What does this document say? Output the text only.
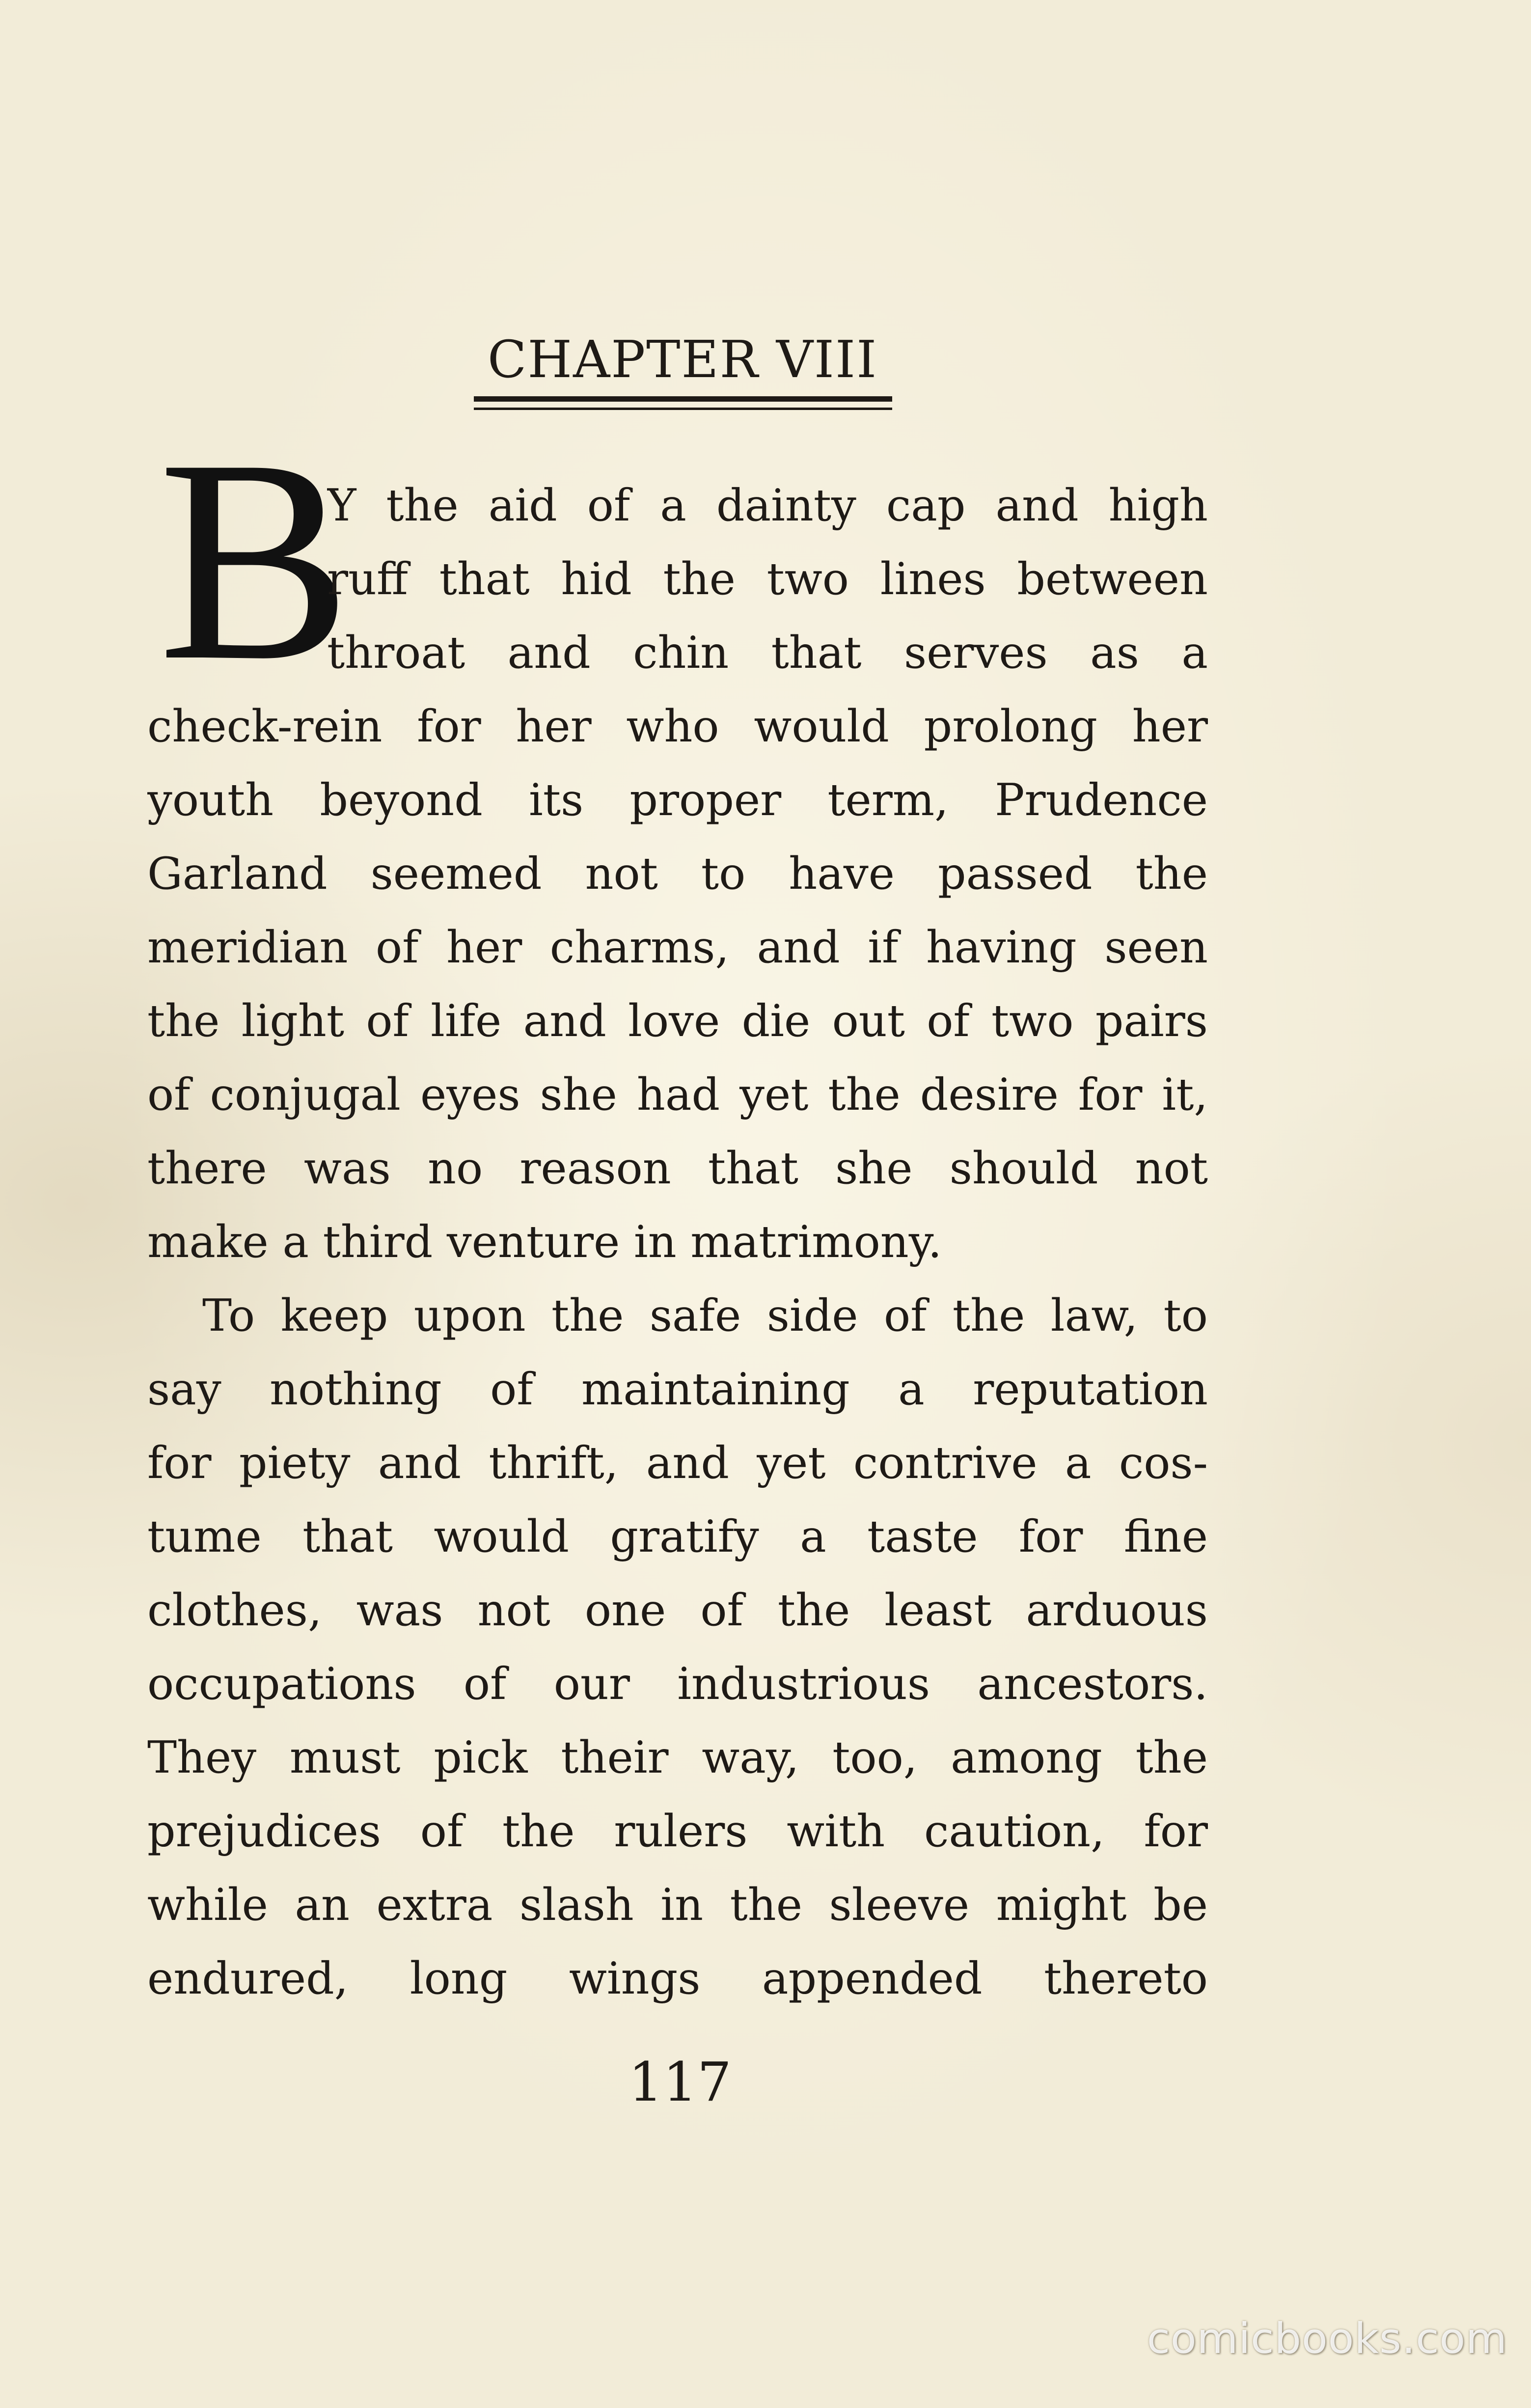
CHAPTER VIII
B
Y the aid of a dainty cap and high
ruff that hid the two lines between
throat and chin that serves as a
check-rein for her who would prolong her
youth beyond its proper term, Prudence
Garland seemed not to have passed the
meridian of her charms, and if having seen
the light of life and love die out of two pairs
of conjugal eyes she had yet the desire for it,
there was no reason that she should not
make a third venture in matrimony.
To keep upon the safe side of the law, to
say nothing of maintaining a reputation
for piety and thrift, and yet contrive a cos-
tume that would gratify a taste for fine
clothes, was not one of the least arduous
occupations of our industrious ancestors.
They must pick their way, too, among the
prejudices of the rulers with caution, for
while an extra slash in the sleeve might be
endured, long wings appended thereto
117
comicbooks.com
